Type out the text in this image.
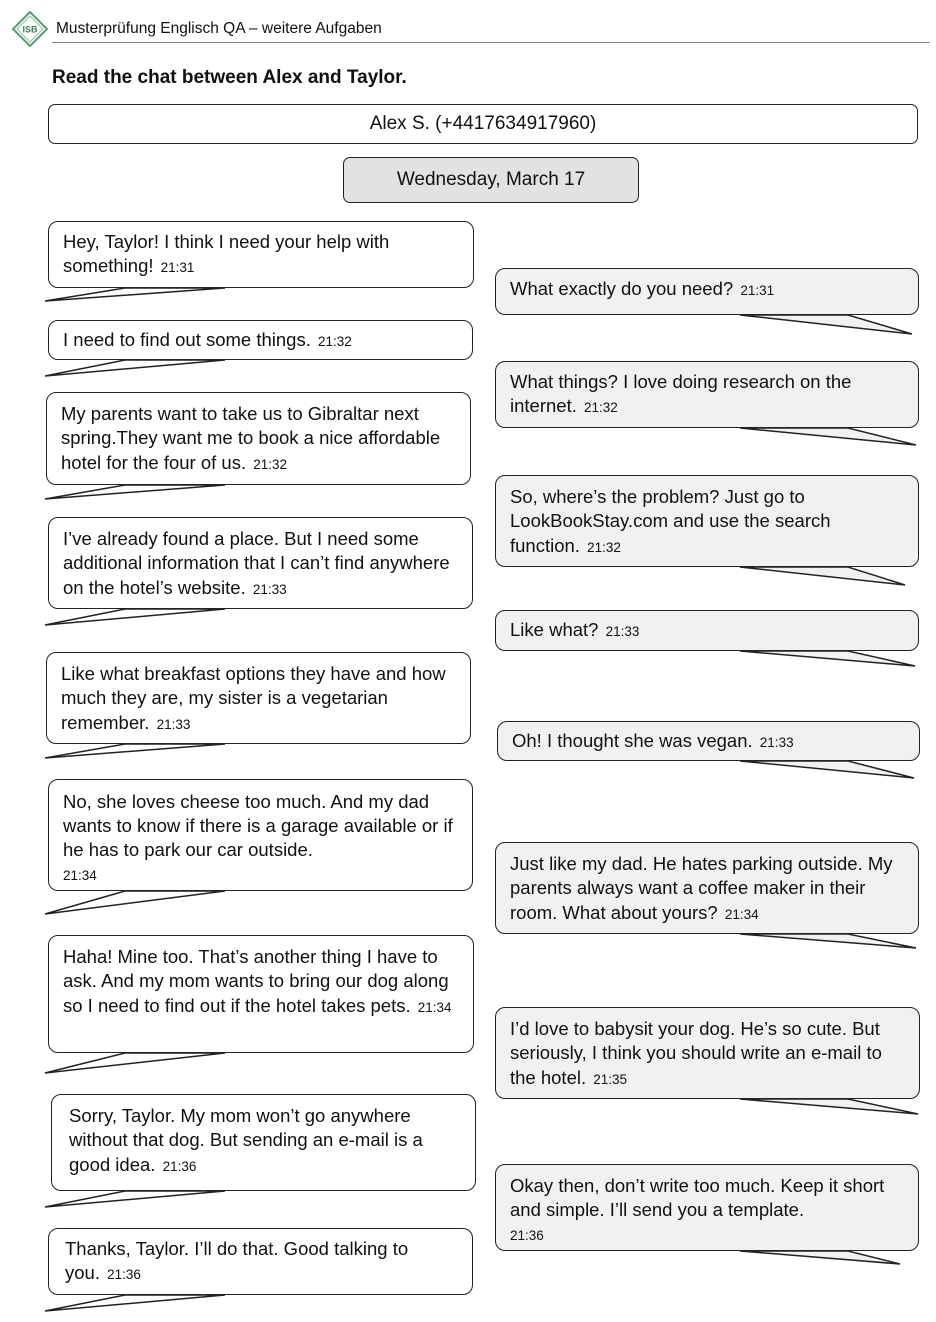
ISB Musterprüfung Englisch QA – weitere Aufgaben
Read the chat between Alex and Taylor.
Alex S. (+4417634917960)
Wednesday, March 17
Hey, Taylor! I think I need your help with something! 21:31
What exactly do you need? 21:31
I need to find out some things. 21:32
What things? I love doing research on the internet. 21:32
My parents want to take us to Gibraltar next spring.They want me to book a nice affordable hotel for the four of us. 21:32
So, where’s the problem? Just go to LookBookStay.com and use the search function. 21:32
I’ve already found a place. But I need some additional information that I can’t find anywhere on the hotel’s website. 21:33
Like what? 21:33
Like what breakfast options they have and how much they are, my sister is a vegetarian remember. 21:33
Oh! I thought she was vegan. 21:33
No, she loves cheese too much. And my dad wants to know if there is a garage available or if he has to park our car outside.
21:34
Just like my dad. He hates parking outside. My parents always want a coffee maker in their room. What about yours? 21:34
Haha! Mine too. That’s another thing I have to ask. And my mom wants to bring our dog along so I need to find out if the hotel takes pets. 21:34
I’d love to babysit your dog. He’s so cute. But seriously, I think you should write an e-mail to the hotel. 21:35
Sorry, Taylor. My mom won’t go anywhere without that dog. But sending an e-mail is a good idea. 21:36
Okay then, don’t write too much. Keep it short and simple. I’ll send you a template.
21:36
Thanks, Taylor. I’ll do that. Good talking to you. 21:36
